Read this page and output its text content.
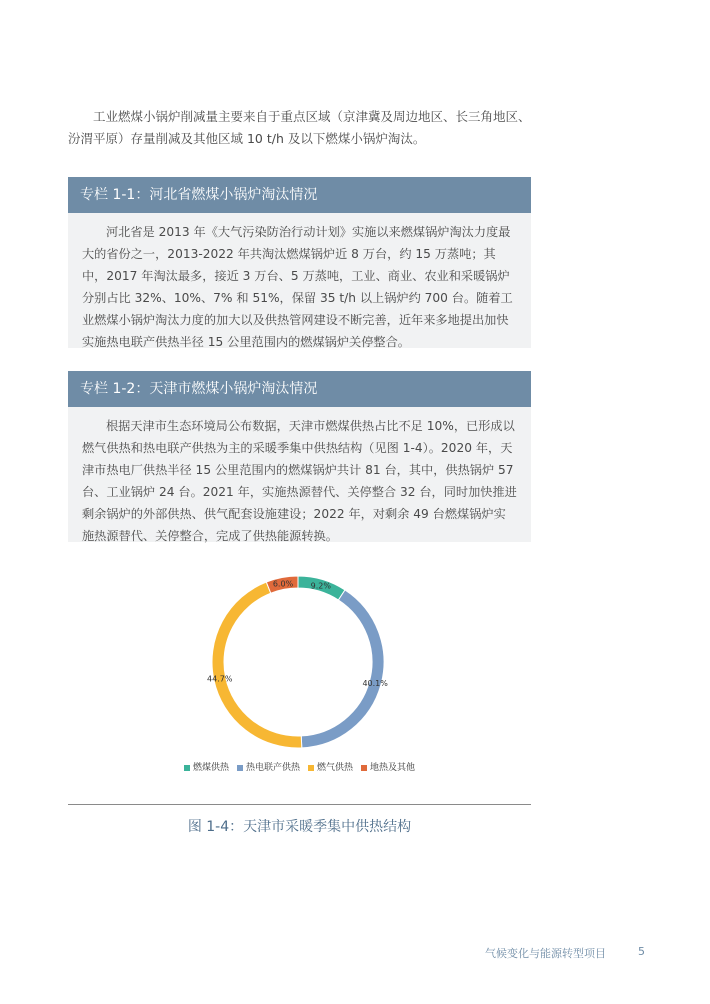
工业燃煤小锅炉削减量主要来自于重点区域（京津冀及周边地区、长三角地区、汾渭平原）存量削减及其他区域 10 t/h 及以下燃煤小锅炉淘汰。

专栏 1-1：河北省燃煤小锅炉淘汰情况

河北省是 2013 年《大气污染防治行动计划》实施以来燃煤锅炉淘汰力度最大的省份之一，2013-2022 年共淘汰燃煤锅炉近 8 万台，约 15 万蒸吨；其中，2017 年淘汰最多，接近 3 万台、5 万蒸吨，工业、商业、农业和采暖锅炉分别占比 32%、10%、7% 和 51%，保留 35 t/h 以上锅炉约 700 台。随着工业燃煤小锅炉淘汰力度的加大以及供热管网建设不断完善，近年来多地提出加快实施热电联产供热半径 15 公里范围内的燃煤锅炉关停整合。

专栏 1-2：天津市燃煤小锅炉淘汰情况

根据天津市生态环境局公布数据，天津市燃煤供热占比不足 10%，已形成以燃气供热和热电联产供热为主的采暖季集中供热结构（见图 1-4）。2020 年，天津市热电厂供热半径 15 公里范围内的燃煤锅炉共计 81 台，其中，供热锅炉 57 台、工业锅炉 24 台。2021 年，实施热源替代、关停整合 32 台，同时加快推进剩余锅炉的外部供热、供气配套设施建设；2022 年，对剩余 49 台燃煤锅炉实施热源替代、关停整合，完成了供热能源转换。

9.2%
40.1%
44.7%
6.0%
燃煤供热 热电联产供热 燃气供热 地热及其他

图 1-4：天津市采暖季集中供热结构

气候变化与能源转型项目	5
